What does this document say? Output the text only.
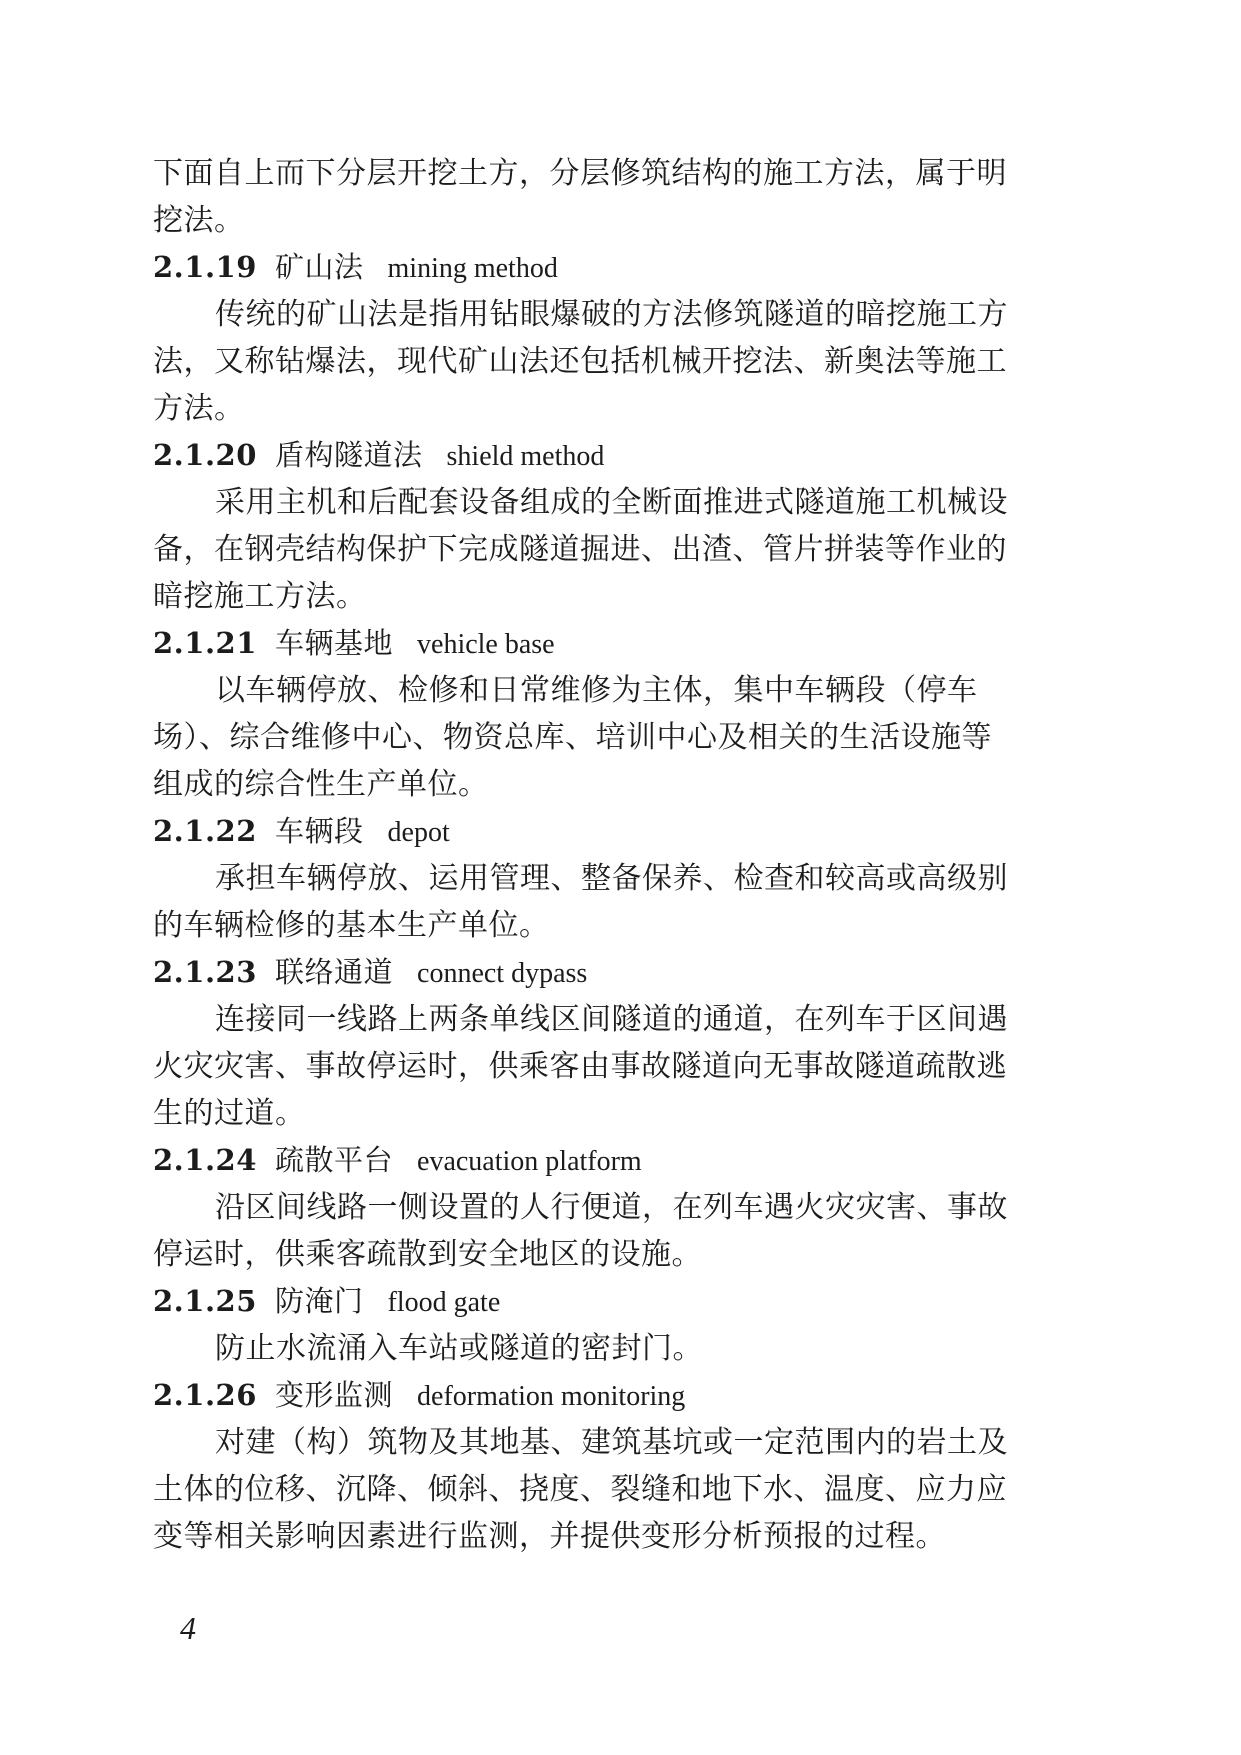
下面自上而下分层开挖土方，分层修筑结构的施工方法，属于明
挖法。
2.1.19 矿山法 mining method
传统的矿山法是指用钻眼爆破的方法修筑隧道的暗挖施工方
法，又称钻爆法，现代矿山法还包括机械开挖法、新奥法等施工
方法。
2.1.20 盾构隧道法 shield method
采用主机和后配套设备组成的全断面推进式隧道施工机械设
备，在钢壳结构保护下完成隧道掘进、出渣、管片拼装等作业的
暗挖施工方法。
2.1.21 车辆基地 vehicle base
以车辆停放、检修和日常维修为主体，集中车辆段（停车
场）、综合维修中心、物资总库、培训中心及相关的生活设施等
组成的综合性生产单位。
2.1.22 车辆段 depot
承担车辆停放、运用管理、整备保养、检查和较高或高级别
的车辆检修的基本生产单位。
2.1.23 联络通道 connect dypass
连接同一线路上两条单线区间隧道的通道，在列车于区间遇
火灾灾害、事故停运时，供乘客由事故隧道向无事故隧道疏散逃
生的过道。
2.1.24 疏散平台 evacuation platform
沿区间线路一侧设置的人行便道，在列车遇火灾灾害、事故
停运时，供乘客疏散到安全地区的设施。
2.1.25 防淹门 flood gate
防止水流涌入车站或隧道的密封门。
2.1.26 变形监测 deformation monitoring
对建（构）筑物及其地基、建筑基坑或一定范围内的岩土及
土体的位移、沉降、倾斜、挠度、裂缝和地下水、温度、应力应
变等相关影响因素进行监测，并提供变形分析预报的过程。
4
